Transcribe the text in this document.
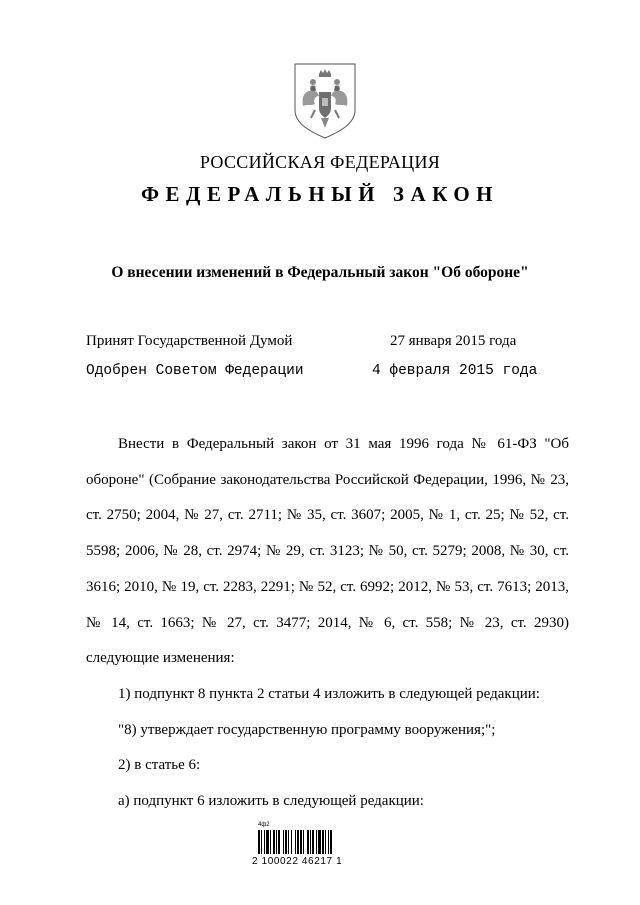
РОССИЙСКАЯ ФЕДЕРАЦИЯ
ФЕДЕРАЛЬНЫЙ ЗАКОН
О внесении изменений в Федеральный закон "Об обороне"
Принят Государственной Думой	27 января 2015 года
Одобрен Советом Федерации	4 февраля 2015 года

Внести в Федеральный закон от 31 мая 1996 года № 61-ФЗ "Об обороне" (Собрание законодательства Российской Федерации, 1996, № 23, ст. 2750; 2004, № 27, ст. 2711; № 35, ст. 3607; 2005, № 1, ст. 25; № 52, ст. 5598; 2006, № 28, ст. 2974; № 29, ст. 3123; № 50, ст. 5279; 2008, № 30, ст. 3616; 2010, № 19, ст. 2283, 2291; № 52, ст. 6992; 2012, № 53, ст. 7613; 2013, № 14, ст. 1663; № 27, ст. 3477; 2014, № 6, ст. 558; № 23, ст. 2930) следующие изменения:

1) подпункт 8 пункта 2 статьи 4 изложить в следующей редакции:

"8) утверждает государственную программу вооружения;";

2) в статье 6:

а) подпункт 6 изложить в следующей редакции:

4ф2
2 100022 46217 1
